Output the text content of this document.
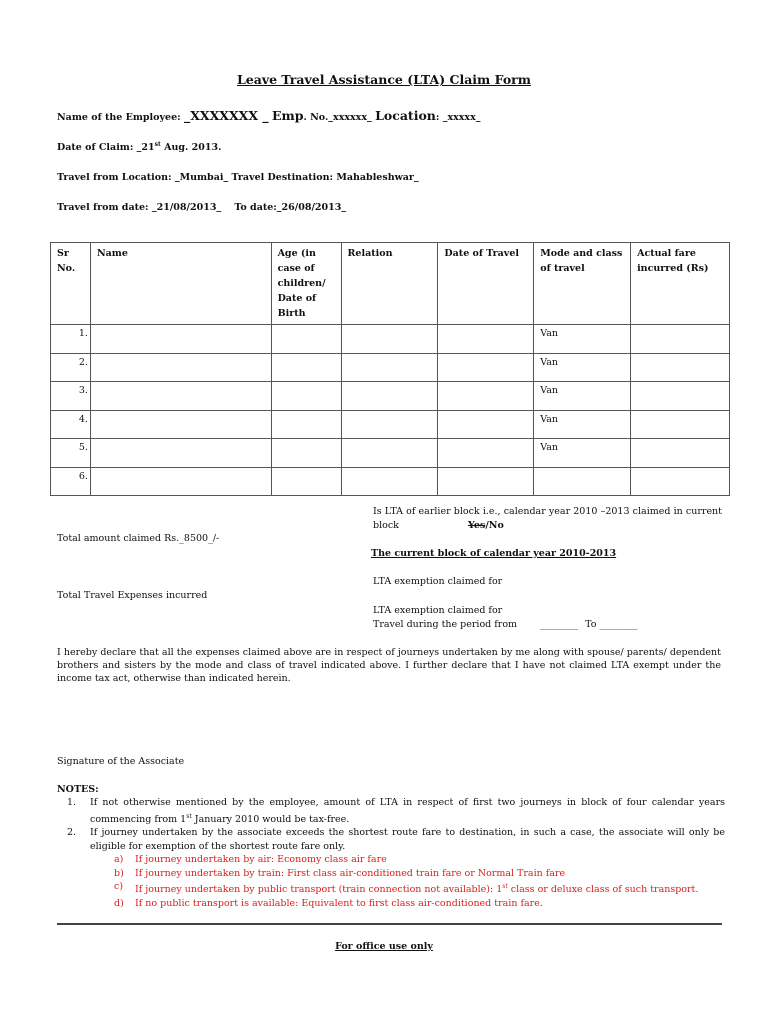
Leave Travel Assistance (LTA) Claim Form
Name of the Employee: _XXXXXXX _ Emp. No._xxxxxx_ Location: _xxxxx_
Date of Claim: _21st Aug. 2013.
Travel from Location: _Mumbai_ Travel Destination: Mahableshwar_
Travel from date: _21/08/2013_ To date:_26/08/2013_
Sr No.	Name	Age (in case of children/ Date of Birth	Relation	Date of Travel	Mode and class of travel	Actual fare incurred (Rs)
1.					Van	
2.					Van	
3.					Van	
4.					Van	
5.					Van	
6.						
Is LTA of earlier block i.e., calendar year 2010 –2013 claimed in current block	Yes/No
Total amount claimed Rs._8500_/-
The current block of calendar year 2010-2013
LTA exemption claimed for
Total Travel Expenses incurred
LTA exemption claimed for
Travel during the period from ________ To ________
I hereby declare that all the expenses claimed above are in respect of journeys undertaken by me along with spouse/ parents/ dependent brothers and sisters by the mode and class of travel indicated above. I further declare that I have not claimed LTA exempt under the income tax act, otherwise than indicated herein.
Signature of the Associate
NOTES:
1. If not otherwise mentioned by the employee, amount of LTA in respect of first two journeys in block of four calendar years commencing from 1st January 2010 would be tax-free.
2. If journey undertaken by the associate exceeds the shortest route fare to destination, in such a case, the associate will only be eligible for exemption of the shortest route fare only.
a) If journey undertaken by air: Economy class air fare
b) If journey undertaken by train: First class air-conditioned train fare or Normal Train fare
c) If journey undertaken by public transport (train connection not available): 1st class or deluxe class of such transport.
d) If no public transport is available: Equivalent to first class air-conditioned train fare.
For office use only
